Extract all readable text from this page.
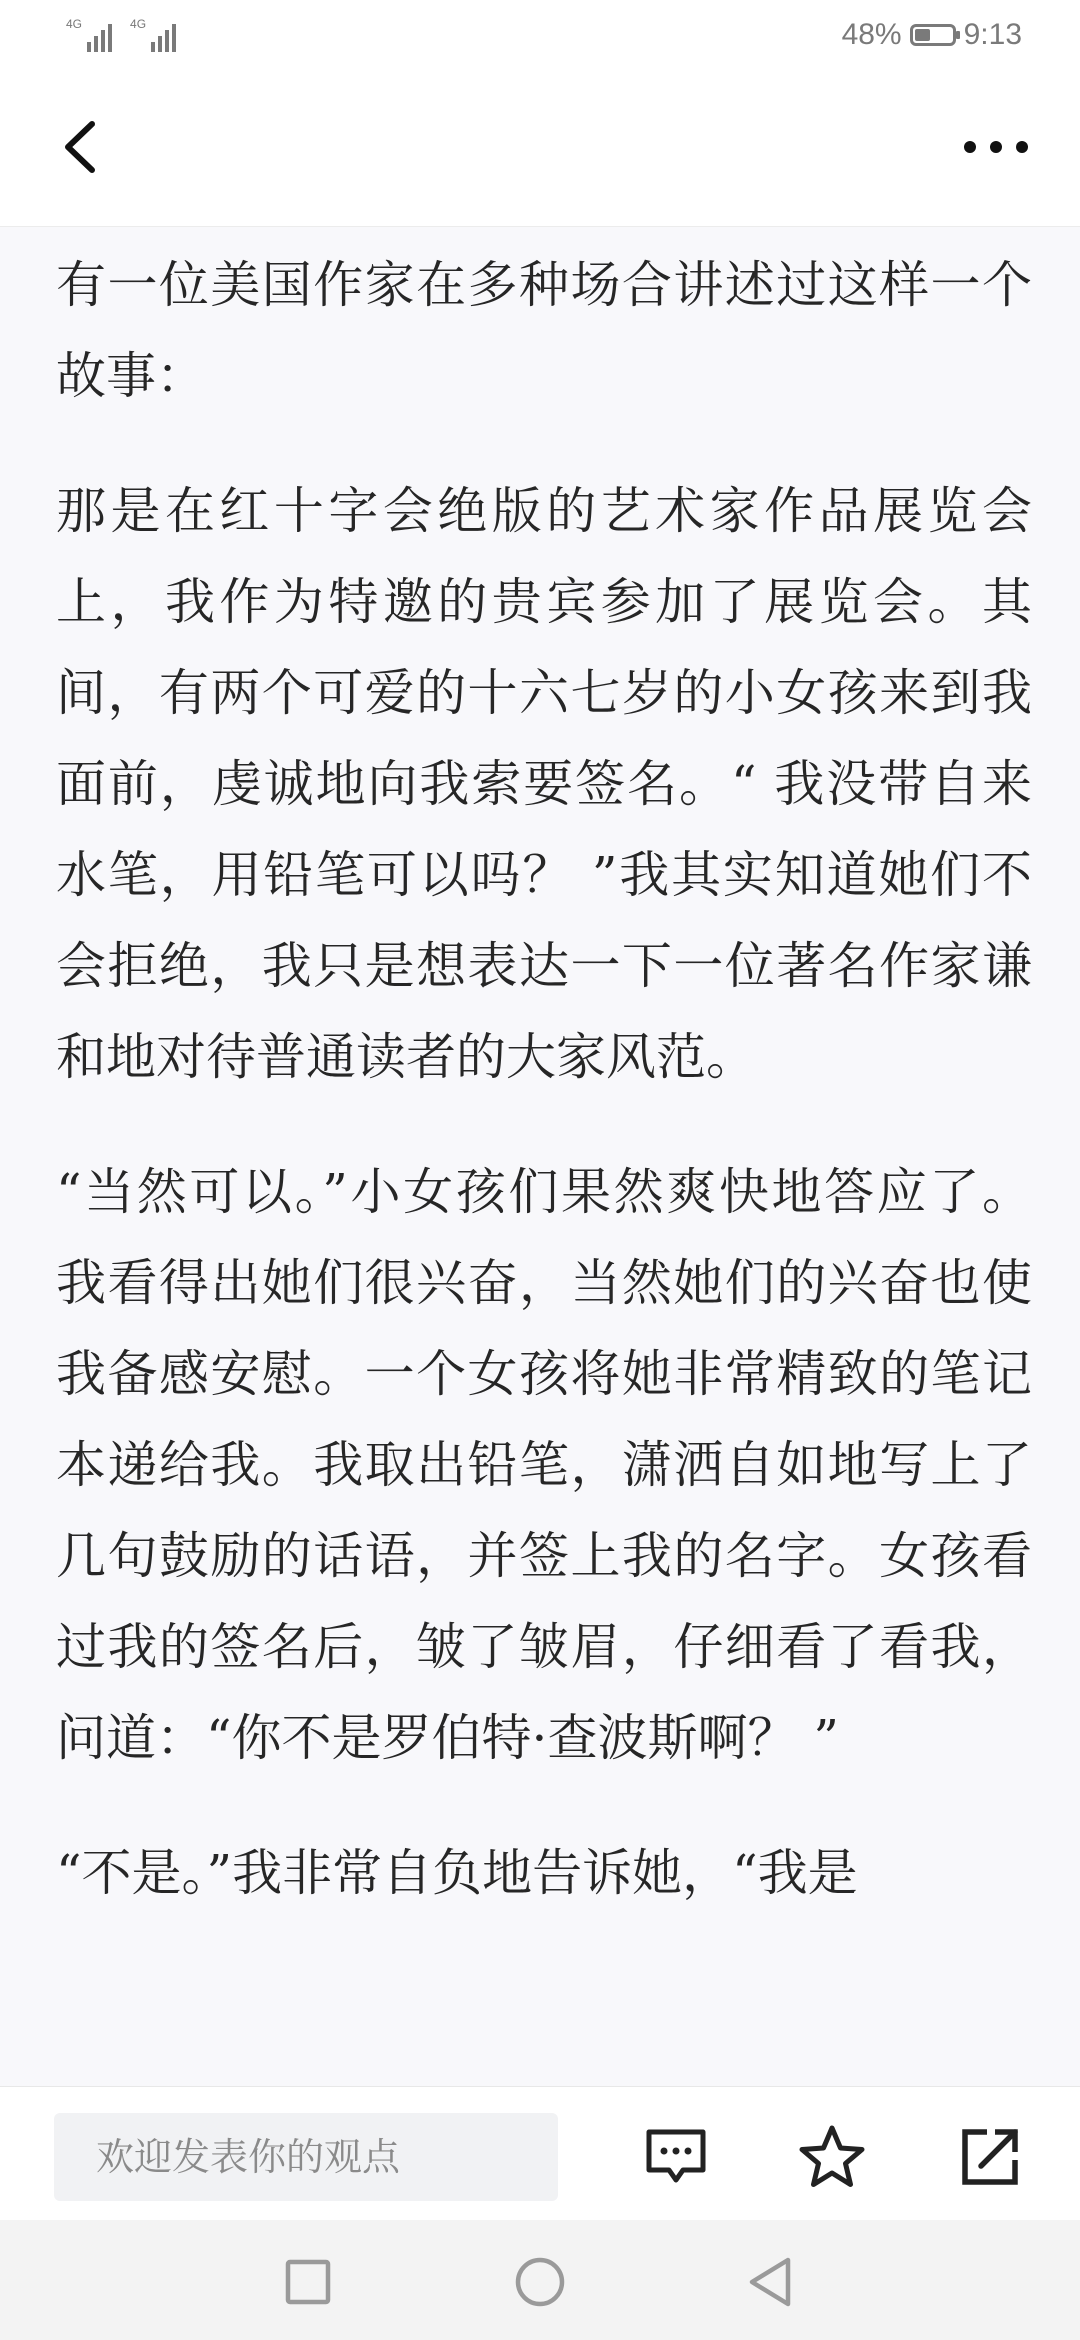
4G	4G	48% 9:13

有一位美国作家在多种场合讲述过这样一个故事：

那是在红十字会绝版的艺术家作品展览会上，我作为特邀的贵宾参加了展览会。其间，有两个可爱的十六七岁的小女孩来到我面前，虔诚地向我索要签名。“ 我没带自来水笔，用铅笔可以吗？ ”我其实知道她们不会拒绝，我只是想表达一下一位著名作家谦和地对待普通读者的大家风范。

“当然可以。”小女孩们果然爽快地答应了。我看得出她们很兴奋，当然她们的兴奋也使我备感安慰。一个女孩将她非常精致的笔记本递给我。我取出铅笔，潇洒自如地写上了几句鼓励的话语，并签上我的名字。女孩看过我的签名后，皱了皱眉，仔细看了看我，问道：“你不是罗伯特·查波斯啊？ ”

“不是。”我非常自负地告诉她，“我是

欢迎发表你的观点
